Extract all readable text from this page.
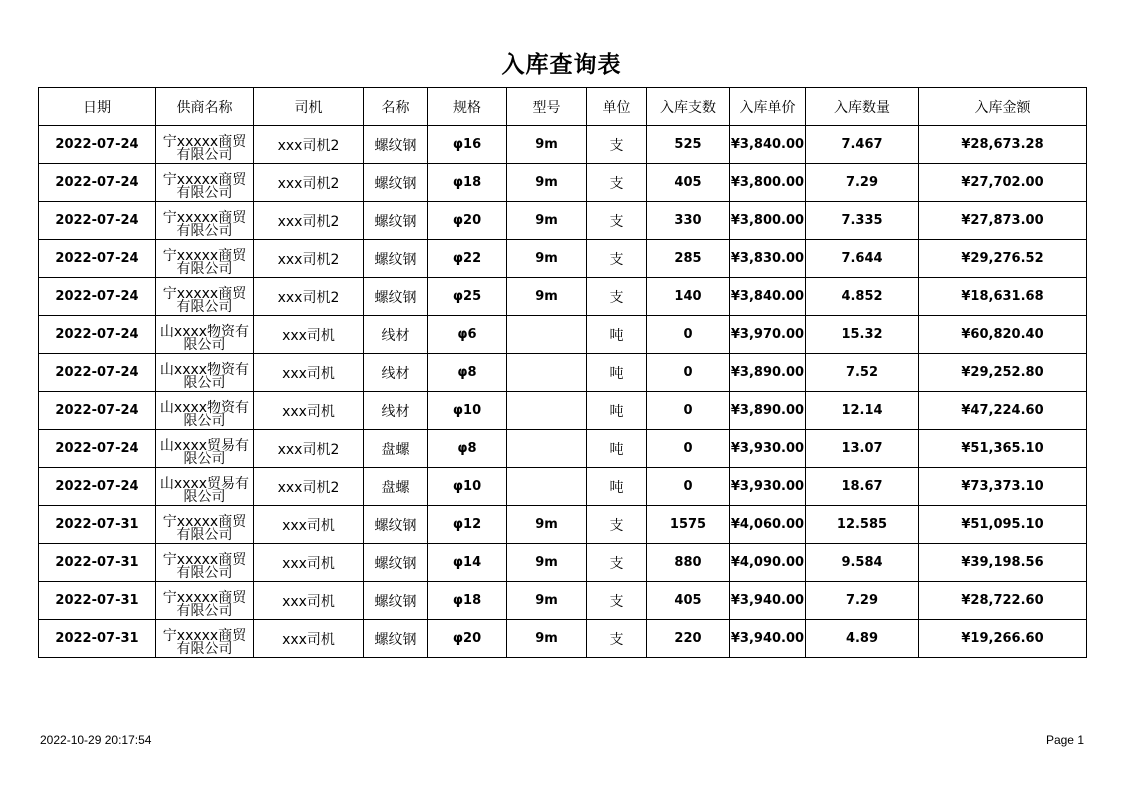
入库查询表
日期	供商名称	司机	名称	规格	型号	单位	入库支数	入库单价	入库数量	入库金额
2022-07-24	宁xxxxx商贸有限公司	xxx司机2	螺纹钢	φ16	9m	支	525	¥3,840.00	7.467	¥28,673.28
2022-07-24	宁xxxxx商贸有限公司	xxx司机2	螺纹钢	φ18	9m	支	405	¥3,800.00	7.29	¥27,702.00
2022-07-24	宁xxxxx商贸有限公司	xxx司机2	螺纹钢	φ20	9m	支	330	¥3,800.00	7.335	¥27,873.00
2022-07-24	宁xxxxx商贸有限公司	xxx司机2	螺纹钢	φ22	9m	支	285	¥3,830.00	7.644	¥29,276.52
2022-07-24	宁xxxxx商贸有限公司	xxx司机2	螺纹钢	φ25	9m	支	140	¥3,840.00	4.852	¥18,631.68
2022-07-24	山xxxx物资有限公司	xxx司机	线材	φ6		吨	0	¥3,970.00	15.32	¥60,820.40
2022-07-24	山xxxx物资有限公司	xxx司机	线材	φ8		吨	0	¥3,890.00	7.52	¥29,252.80
2022-07-24	山xxxx物资有限公司	xxx司机	线材	φ10		吨	0	¥3,890.00	12.14	¥47,224.60
2022-07-24	山xxxx贸易有限公司	xxx司机2	盘螺	φ8		吨	0	¥3,930.00	13.07	¥51,365.10
2022-07-24	山xxxx贸易有限公司	xxx司机2	盘螺	φ10		吨	0	¥3,930.00	18.67	¥73,373.10
2022-07-31	宁xxxxx商贸有限公司	xxx司机	螺纹钢	φ12	9m	支	1575	¥4,060.00	12.585	¥51,095.10
2022-07-31	宁xxxxx商贸有限公司	xxx司机	螺纹钢	φ14	9m	支	880	¥4,090.00	9.584	¥39,198.56
2022-07-31	宁xxxxx商贸有限公司	xxx司机	螺纹钢	φ18	9m	支	405	¥3,940.00	7.29	¥28,722.60
2022-07-31	宁xxxxx商贸有限公司	xxx司机	螺纹钢	φ20	9m	支	220	¥3,940.00	4.89	¥19,266.60
2022-10-29 20:17:54	Page 1
